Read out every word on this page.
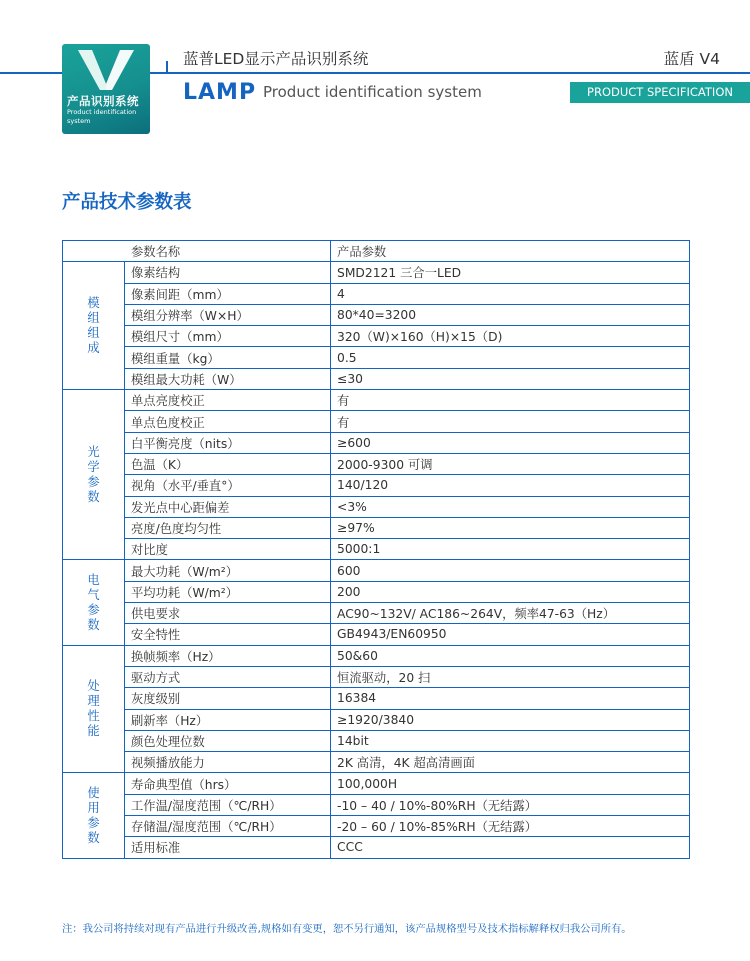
产品识别系统
Product identification
system
蓝普LED显示产品识别系统	蓝盾 V4
LAMP Product identification system	PRODUCT SPECIFICATION
产品技术参数表
参数名称		产品参数
模组组成	像素结构	SMD2121 三合一LED
	像素间距（mm）	4
	模组分辨率（W×H）	80*40=3200
	模组尺寸（mm）	320（W)×160（H)×15（D)
	模组重量（kg）	0.5
	模组最大功耗（W）	≤30
光学参数	单点亮度校正	有
	单点色度校正	有
	白平衡亮度（nits）	≥600
	色温（K）	2000-9300 可调
	视角（水平/垂直°）	140/120
	发光点中心距偏差	<3%
	亮度/色度均匀性	≥97%
	对比度	5000:1
电气参数	最大功耗（W/m²）	600
	平均功耗（W/m²）	200
	供电要求	AC90~132V/ AC186~264V，频率47-63（Hz）
	安全特性	GB4943/EN60950
处理性能	换帧频率（Hz）	50&60
	驱动方式	恒流驱动，20 扫
	灰度级别	16384
	刷新率（Hz）	≥1920/3840
	颜色处理位数	14bit
	视频播放能力	2K 高清，4K 超高清画面
使用参数	寿命典型值（hrs）	100,000H
	工作温/湿度范围（℃/RH）	-10 – 40 / 10%-80%RH（无结露）
	存储温/湿度范围（℃/RH）	-20 – 60 / 10%-85%RH（无结露）
	适用标准	CCC
注：我公司将持续对现有产品进行升级改善,规格如有变更，恕不另行通知，该产品规格型号及技术指标解释权归我公司所有。
